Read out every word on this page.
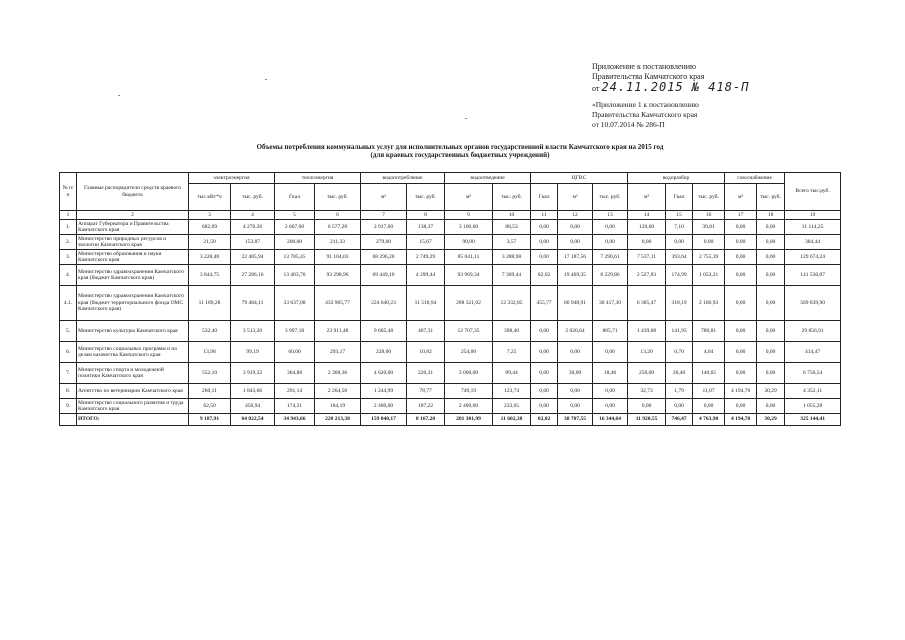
Приложение к постановлению
Правительства Камчатского края
от 24.11.2015 № 418-П
«Приложение 1 к постановлению
Правительства Камчатского края
от 10.07.2014 № 286-П
Объемы потребления коммунальных услуг для исполнительных органов государственной власти Камчатского края на 2015 год
(для краевых государственных бюджетных учреждений)
№ п/п	Главные распорядители средств краевого бюджета	электроэнергия		теплоэнергия		водопотребление		водоотведение		ЦГВС			водоразбор			газоснабжение		Всего тыс.руб.
		тыс.кВт*ч	тыс. руб.	Гкал	тыс. руб.	м³	тыс. руб.	м³	тыс. руб.	Гкал	м³	тыс. руб.	м³	Гкал	тыс. руб.	м³	тыс. руб.	
1	2	3	4	5	6	7	8	9	10	11	12	13	14	15	16	17	18	19
1.	Аппарат Губернатора и Правительства Камчатского края	682,09	4 270,26	2 667,00	6 577,28	2 917,00	138,37	3 100,00	88,53	0,00	0,00	0,00	120,00	7,10	39,81	0,00	0,00	11 114,25
2.	Министерство природных ресурсов и экологии Камчатского края	21,50	153,87	200,00	211,33	279,00	15,67	90,00	3,57	0,00	0,00	0,00	0,00	0,00	0,00	0,00	0,00	384,44
3.	Министерство образования и науки Камчатского края	3 228,48	22 485,94	13 785,45	91 104,03	68 296,20	2 749,29	85 041,11	3 288,98	0,00	17 187,56	7 290,61	7 537,11	393,64	2 755,39	0,00	0,00	129 674,24
4.	Министерство здравоохранения Камчатского края (бюджет Камчатского края)	3 844,75	27 286,16	13 403,70	93 298,96	69 449,10	4 299,44	93 969,34	7 369,44	82,02	19 469,35	8 229,86	2 527,83	174,99	1 052,21	0,00	0,00	141 536,07
4.1.	Министерство здравоохранения Камчатского края (бюджет территориального фонда ОМС Камчатского края)	11 189,28	79 484,11	33 637,08	433 905,77	224 640,23	11 518,94	288 321,02	12 332,85	455,77	66 948,91	30 417,30	6 385,47	318,19	2 180,93	0,00	0,00	569 839,90
5.	Министерство культуры Камчатского края	532,40	3 513,20	3 997,18	23 911,48	9 605,48	467,31	12 707,35	398,40	0,00	2 020,64	805,71	1 439,68	141,95	780,81	0,00	0,00	29 856,91
6.	Министерство социальных программ и по делам казачества Камчатского края	13,98	99,19	60,00	293,17	228,00	10,82	254,00	7,25	0,00	0,00	0,00	13,20	0,70	4,04	0,00	0,00	414,47
7.	Министерство спорта и молодежной политики Камчатского края	552,10	3 919,32	364,88	2 368,36	4 620,00	220,31	3 000,00	89,44	0,00	30,00	18,46	250,00	26,40	140,65	0,00	0,00	6 756,54
8.	Агентство по ветеринарии Камчатского края	260,11	1 843,66	291,14	2 264,58	1 244,99	78,77	749,19	123,74	0,00	0,00	0,00	32,73	1,79	11,07	4 194,70	30,29	4 352,11
9.	Министерство социального развития и труда Камчатского края	62,50	450,94	174,31	184,19	2 400,00	187,22	2 400,00	233,05	0,00	0,00	0,00	0,00	0,00	0,00	0,00	0,00	1 055,28
	ИТОГО:	9 187,91	64 022,54	34 943,66	220 213,38	159 040,17	8 167,20	201 301,99	11 602,38	82,02	38 707,55	16 344,64	11 920,55	746,47	4 763,98	4 194,70	30,29	325 144,41
